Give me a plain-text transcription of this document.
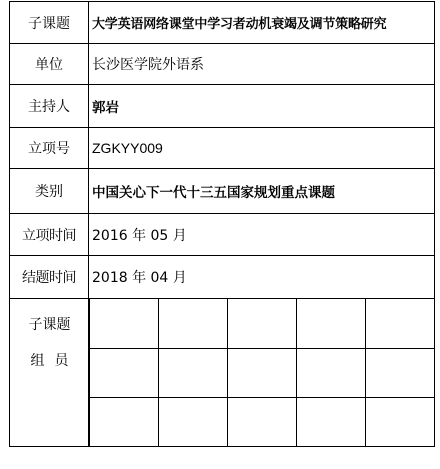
子课题	大学英语网络课堂中学习者动机衰竭及调节策略研究
单位	长沙医学院外语系
主持人	郭岩
立项号	ZGKYY009
类别	中国关心下一代十三五国家规划重点课题
立项时间	2016 年 05 月
结题时间	2018 年 04 月
子课题
组员
